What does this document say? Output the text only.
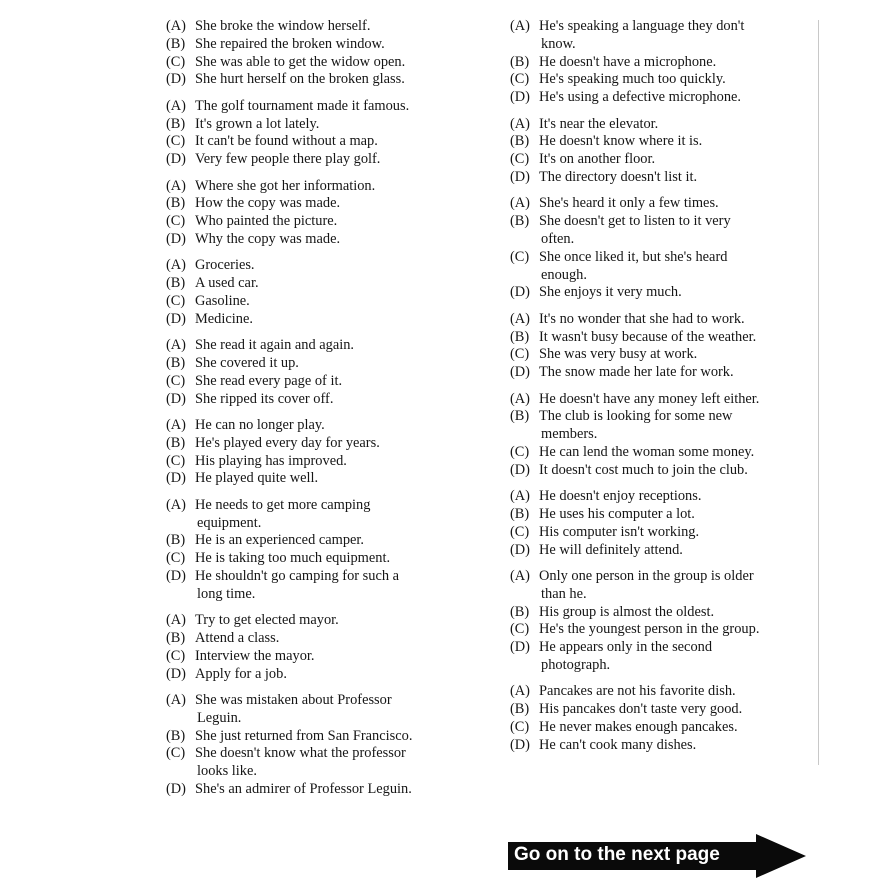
(A) She broke the window herself.
(B) She repaired the broken window.
(C) She was able to get the widow open.
(D) She hurt herself on the broken glass.
(A) The golf tournament made it famous.
(B) It's grown a lot lately.
(C) It can't be found without a map.
(D) Very few people there play golf.
(A) Where she got her information.
(B) How the copy was made.
(C) Who painted the picture.
(D) Why the copy was made.
(A) Groceries.
(B) A used car.
(C) Gasoline.
(D) Medicine.
(A) She read it again and again.
(B) She covered it up.
(C) She read every page of it.
(D) She ripped its cover off.
(A) He can no longer play.
(B) He's played every day for years.
(C) His playing has improved.
(D) He played quite well.
(A) He needs to get more camping
equipment.
(B) He is an experienced camper.
(C) He is taking too much equipment.
(D) He shouldn't go camping for such a
long time.
(A) Try to get elected mayor.
(B) Attend a class.
(C) Interview the mayor.
(D) Apply for a job.
(A) She was mistaken about Professor
Leguin.
(B) She just returned from San Francisco.
(C) She doesn't know what the professor
looks like.
(D) She's an admirer of Professor Leguin.
(A) He's speaking a language they don't
know.
(B) He doesn't have a microphone.
(C) He's speaking much too quickly.
(D) He's using a defective microphone.
(A) It's near the elevator.
(B) He doesn't know where it is.
(C) It's on another floor.
(D) The directory doesn't list it.
(A) She's heard it only a few times.
(B) She doesn't get to listen to it very
often.
(C) She once liked it, but she's heard
enough.
(D) She enjoys it very much.
(A) It's no wonder that she had to work.
(B) It wasn't busy because of the weather.
(C) She was very busy at work.
(D) The snow made her late for work.
(A) He doesn't have any money left either.
(B) The club is looking for some new
members.
(C) He can lend the woman some money.
(D) It doesn't cost much to join the club.
(A) He doesn't enjoy receptions.
(B) He uses his computer a lot.
(C) His computer isn't working.
(D) He will definitely attend.
(A) Only one person in the group is older
than he.
(B) His group is almost the oldest.
(C) He's the youngest person in the group.
(D) He appears only in the second
photograph.
(A) Pancakes are not his favorite dish.
(B) His pancakes don't taste very good.
(C) He never makes enough pancakes.
(D) He can't cook many dishes.
Go on to the next page
